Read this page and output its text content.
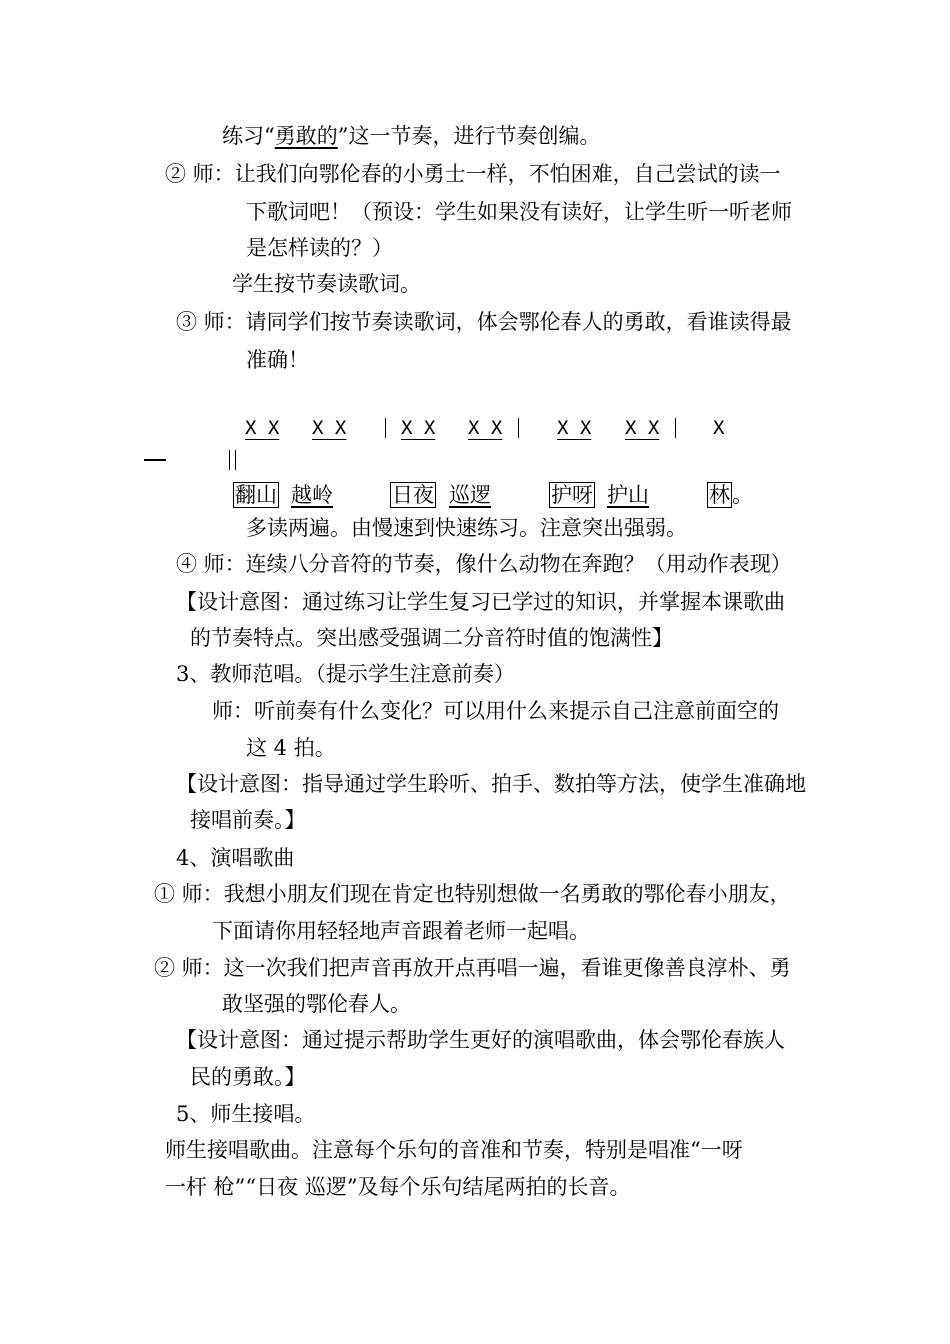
练习“勇敢的”这一节奏，进行节奏创编。
② 师：让我们向鄂伦春的小勇士一样，不怕困难，自己尝试的读一
下歌词吧！（预设：学生如果没有读好，让学生听一听老师
是怎样读的？）
学生按节奏读歌词。
③ 师：请同学们按节奏读歌词，体会鄂伦春人的勇敢，看谁读得最
准确！
X X X X	X X X X	X X X X	X
翻山 越岭	日夜 巡逻	护呀 护山	林。
多读两遍。由慢速到快速练习。注意突出强弱。
④ 师：连续八分音符的节奏，像什么动物在奔跑？（用动作表现）
【设计意图：通过练习让学生复习已学过的知识，并掌握本课歌曲
的节奏特点。突出感受强调二分音符时值的饱满性】
3、教师范唱。（提示学生注意前奏）
师：听前奏有什么变化？可以用什么来提示自己注意前面空的
这 4 拍。
【设计意图：指导通过学生聆听、拍手、数拍等方法，使学生准确地
接唱前奏。】
4、演唱歌曲
① 师：我想小朋友们现在肯定也特别想做一名勇敢的鄂伦春小朋友，
下面请你用轻轻地声音跟着老师一起唱。
② 师：这一次我们把声音再放开点再唱一遍，看谁更像善良淳朴、勇
敢坚强的鄂伦春人。
【设计意图：通过提示帮助学生更好的演唱歌曲，体会鄂伦春族人
民的勇敢。】
5、师生接唱。
师生接唱歌曲。注意每个乐句的音准和节奏，特别是唱准“一呀
一杆 枪”“日夜 巡逻”及每个乐句结尾两拍的长音。
